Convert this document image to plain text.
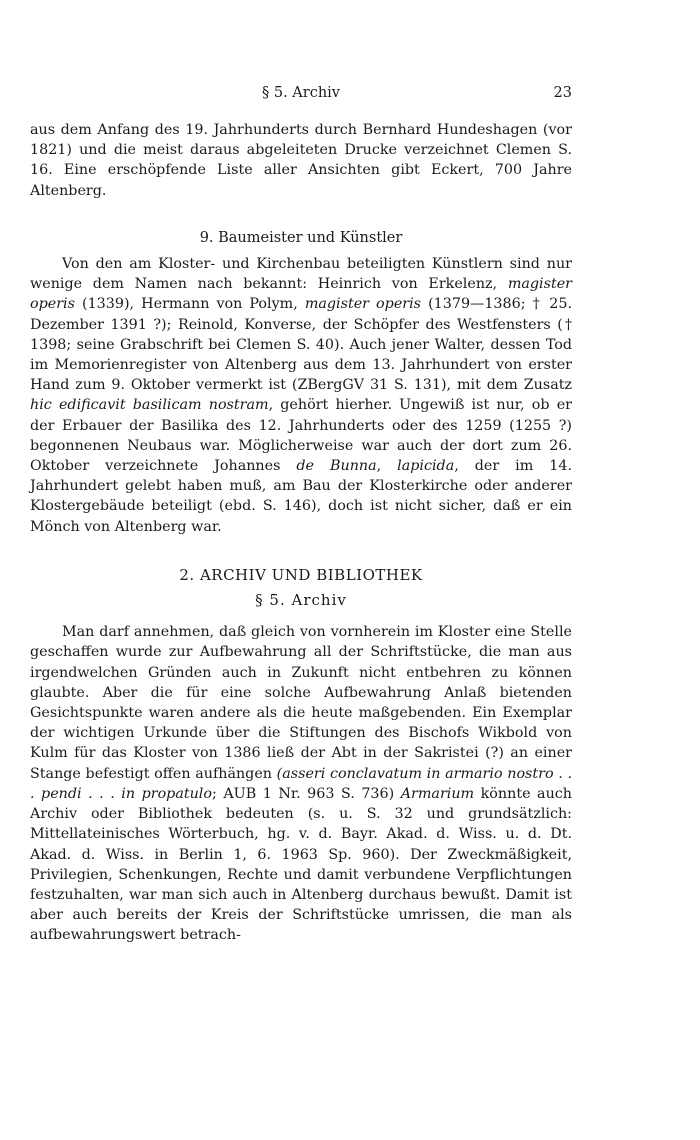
§ 5. Archiv	23

aus dem Anfang des 19. Jahrhunderts durch Bernhard Hundeshagen (vor 1821) und die meist daraus abgeleiteten Drucke verzeichnet Clemen S. 16. Eine erschöpfende Liste aller Ansichten gibt Eckert, 700 Jahre Altenberg.

9. Baumeister und Künstler

Von den am Kloster- und Kirchenbau beteiligten Künstlern sind nur wenige dem Namen nach bekannt: Heinrich von Erkelenz, magister operis (1339), Hermann von Polym, magister operis (1379—1386; † 25. Dezember 1391 ?); Reinold, Konverse, der Schöpfer des Westfensters († 1398; seine Grabschrift bei Clemen S. 40). Auch jener Walter, dessen Tod im Memorienregister von Altenberg aus dem 13. Jahrhundert von erster Hand zum 9. Oktober vermerkt ist (ZBergGV 31 S. 131), mit dem Zusatz hic edificavit basilicam nostram, gehört hierher. Ungewiß ist nur, ob er der Erbauer der Basilika des 12. Jahrhunderts oder des 1259 (1255 ?) begonnenen Neubaus war. Möglicherweise war auch der dort zum 26. Oktober verzeichnete Johannes de Bunna, lapicida, der im 14. Jahrhundert gelebt haben muß, am Bau der Klosterkirche oder anderer Klostergebäude beteiligt (ebd. S. 146), doch ist nicht sicher, daß er ein Mönch von Altenberg war.

2. ARCHIV UND BIBLIOTHEK
§ 5. Archiv

Man darf annehmen, daß gleich von vornherein im Kloster eine Stelle geschaffen wurde zur Aufbewahrung all der Schriftstücke, die man aus irgendwelchen Gründen auch in Zukunft nicht entbehren zu können glaubte. Aber die für eine solche Aufbewahrung Anlaß bietenden Gesichtspunkte waren andere als die heute maßgebenden. Ein Exemplar der wichtigen Urkunde über die Stiftungen des Bischofs Wikbold von Kulm für das Kloster von 1386 ließ der Abt in der Sakristei (?) an einer Stange befestigt offen aufhängen (asseri conclavatum in armario nostro . . . pendi . . . in propatulo; AUB 1 Nr. 963 S. 736) Armarium könnte auch Archiv oder Bibliothek bedeuten (s. u. S. 32 und grundsätzlich: Mittellateinisches Wörterbuch, hg. v. d. Bayr. Akad. d. Wiss. u. d. Dt. Akad. d. Wiss. in Berlin 1, 6. 1963 Sp. 960). Der Zweckmäßigkeit, Privilegien, Schenkungen, Rechte und damit verbundene Verpflichtungen festzuhalten, war man sich auch in Altenberg durchaus bewußt. Damit ist aber auch bereits der Kreis der Schriftstücke umrissen, die man als aufbewahrungswert betrach-
